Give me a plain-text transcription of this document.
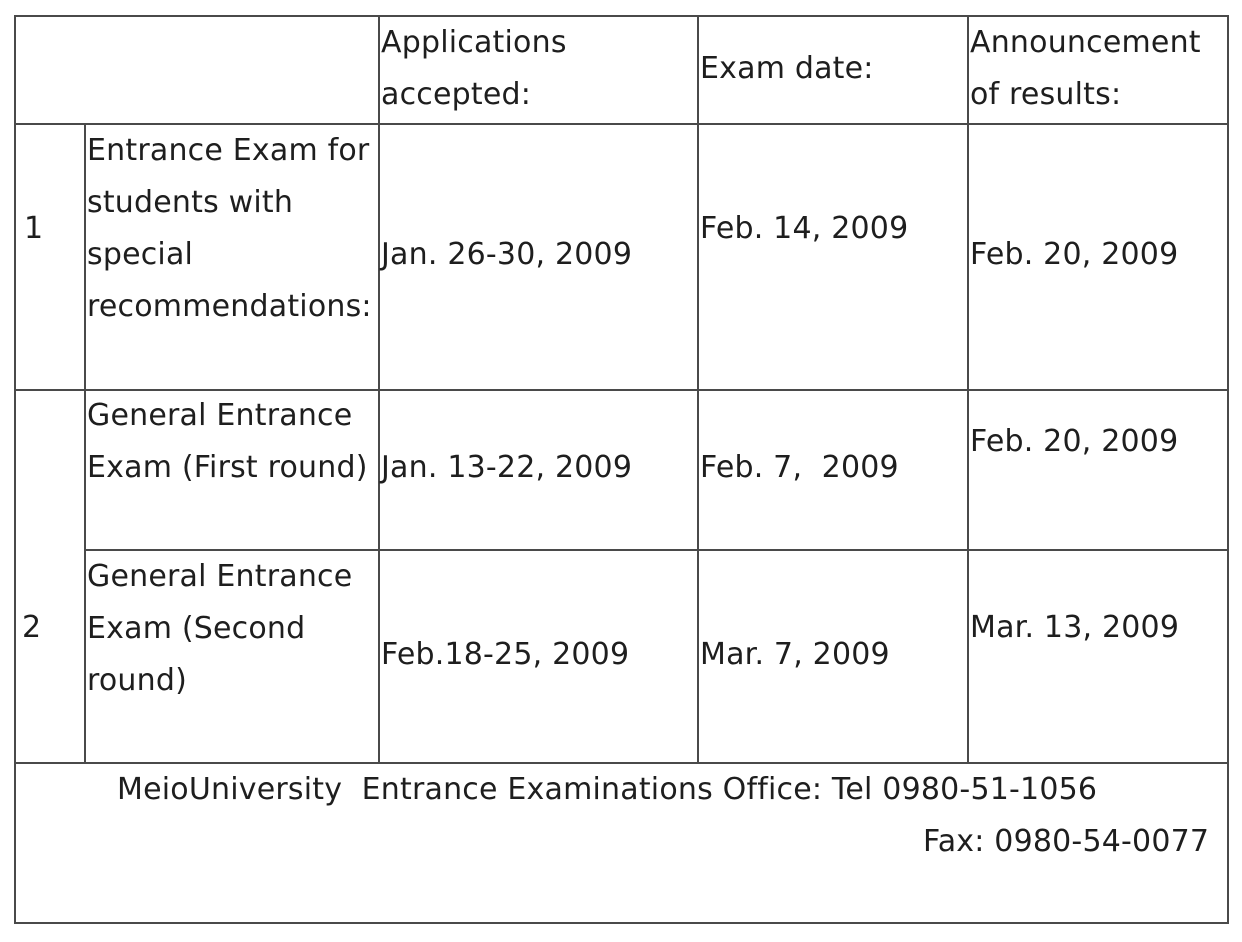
Applications
accepted:
Exam date:
Announcement
of results:
1
Entrance Exam for
students with
special
recommendations:
Jan. 26-30, 2009
Feb. 14, 2009
Feb. 20, 2009
General Entrance
Exam (First round) Jan. 13-22, 2009 Feb. 7,  2009
Feb. 20, 2009
2
General Entrance
Exam (Second
round)
Feb.18-25, 2009 Mar. 7, 2009
Mar. 13, 2009
MeioUniversity  Entrance Examinations Office: Tel 0980-51-1056
Fax: 0980-54-0077
